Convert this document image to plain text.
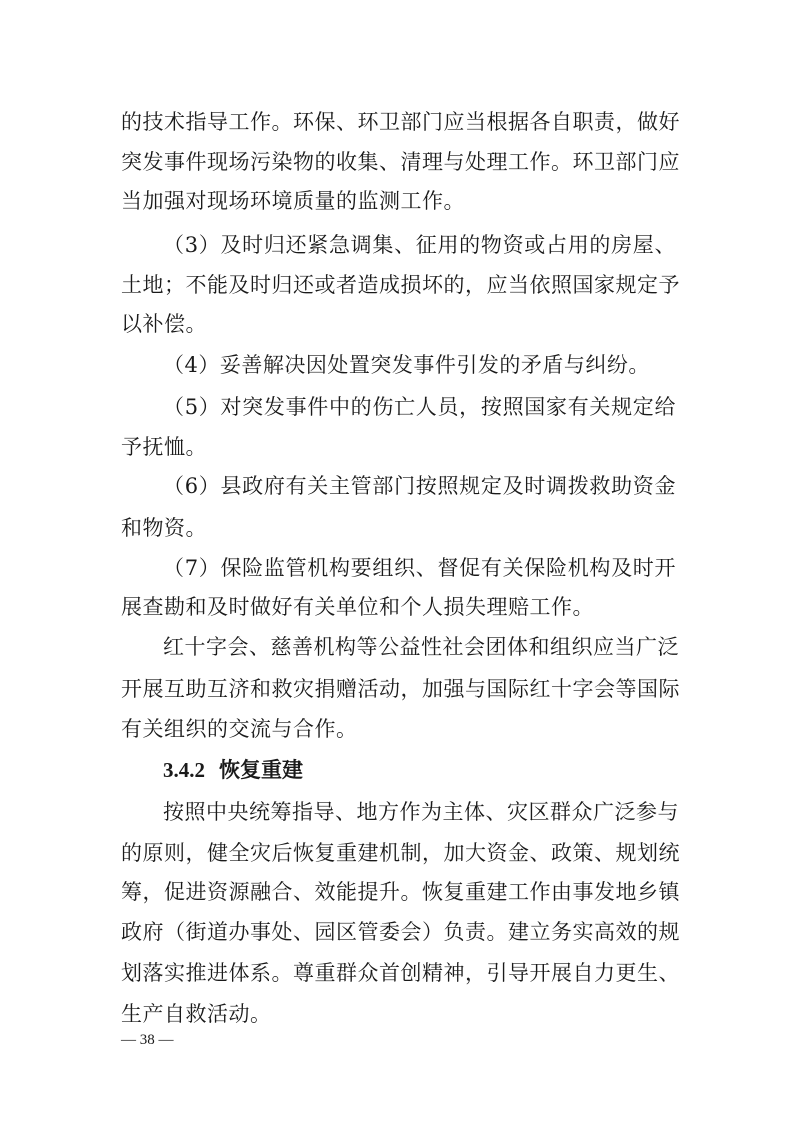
的技术指导工作。环保、环卫部门应当根据各自职责，做好
突发事件现场污染物的收集、清理与处理工作。环卫部门应
当加强对现场环境质量的监测工作。
（3）及时归还紧急调集、征用的物资或占用的房屋、
土地；不能及时归还或者造成损坏的，应当依照国家规定予
以补偿。
（4）妥善解决因处置突发事件引发的矛盾与纠纷。
（5）对突发事件中的伤亡人员，按照国家有关规定给
予抚恤。
（6）县政府有关主管部门按照规定及时调拨救助资金
和物资。
（7）保险监管机构要组织、督促有关保险机构及时开
展查勘和及时做好有关单位和个人损失理赔工作。
红十字会、慈善机构等公益性社会团体和组织应当广泛
开展互助互济和救灾捐赠活动，加强与国际红十字会等国际
有关组织的交流与合作。
3.4.2 恢复重建
按照中央统筹指导、地方作为主体、灾区群众广泛参与
的原则，健全灾后恢复重建机制，加大资金、政策、规划统
筹，促进资源融合、效能提升。恢复重建工作由事发地乡镇
政府（街道办事处、园区管委会）负责。建立务实高效的规
划落实推进体系。尊重群众首创精神，引导开展自力更生、
生产自救活动。
— 38 —
